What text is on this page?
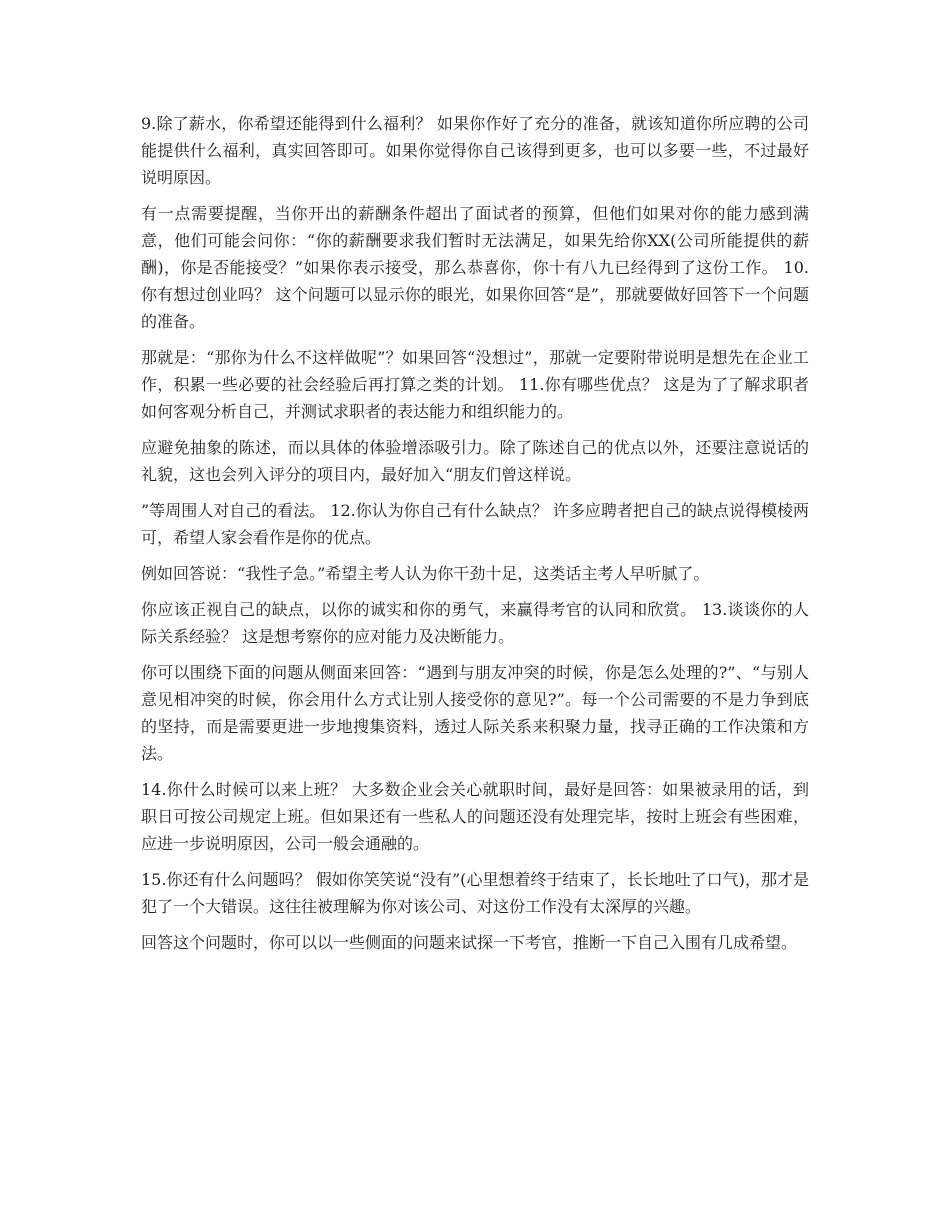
9.除了薪水，你希望还能得到什么福利？ 如果你作好了充分的准备，就该知道你所应聘的公司能提供什么福利，真实回答即可。如果你觉得你自己该得到更多，也可以多要一些，不过最好说明原因。

有一点需要提醒，当你开出的薪酬条件超出了面试者的预算，但他们如果对你的能力感到满意，他们可能会问你：“你的薪酬要求我们暂时无法满足，如果先给你XX(公司所能提供的薪酬)，你是否能接受？”如果你表示接受，那么恭喜你，你十有八九已经得到了这份工作。 10.你有想过创业吗？ 这个问题可以显示你的眼光，如果你回答“是”，那就要做好回答下一个问题的准备。

那就是：“那你为什么不这样做呢”？如果回答“没想过”，那就一定要附带说明是想先在企业工作，积累一些必要的社会经验后再打算之类的计划。 11.你有哪些优点？ 这是为了了解求职者如何客观分析自己，并测试求职者的表达能力和组织能力的。

应避免抽象的陈述，而以具体的体验增添吸引力。除了陈述自己的优点以外，还要注意说话的礼貌，这也会列入评分的项目内，最好加入“朋友们曾这样说。

”等周围人对自己的看法。 12.你认为你自己有什么缺点？ 许多应聘者把自己的缺点说得模棱两可，希望人家会看作是你的优点。

例如回答说：“我性子急。”希望主考人认为你干劲十足，这类话主考人早听腻了。

你应该正视自己的缺点，以你的诚实和你的勇气，来赢得考官的认同和欣赏。 13.谈谈你的人际关系经验？ 这是想考察你的应对能力及决断能力。

你可以围绕下面的问题从侧面来回答：“遇到与朋友冲突的时候，你是怎么处理的?”、“与别人意见相冲突的时候，你会用什么方式让别人接受你的意见?”。每一个公司需要的不是力争到底的坚持，而是需要更进一步地搜集资料，透过人际关系来积聚力量，找寻正确的工作决策和方法。

14.你什么时候可以来上班？ 大多数企业会关心就职时间，最好是回答：如果被录用的话，到职日可按公司规定上班。但如果还有一些私人的问题还没有处理完毕，按时上班会有些困难，应进一步说明原因，公司一般会通融的。

15.你还有什么问题吗？ 假如你笑笑说“没有”(心里想着终于结束了，长长地吐了口气)，那才是犯了一个大错误。这往往被理解为你对该公司、对这份工作没有太深厚的兴趣。

回答这个问题时，你可以以一些侧面的问题来试探一下考官，推断一下自己入围有几成希望。
